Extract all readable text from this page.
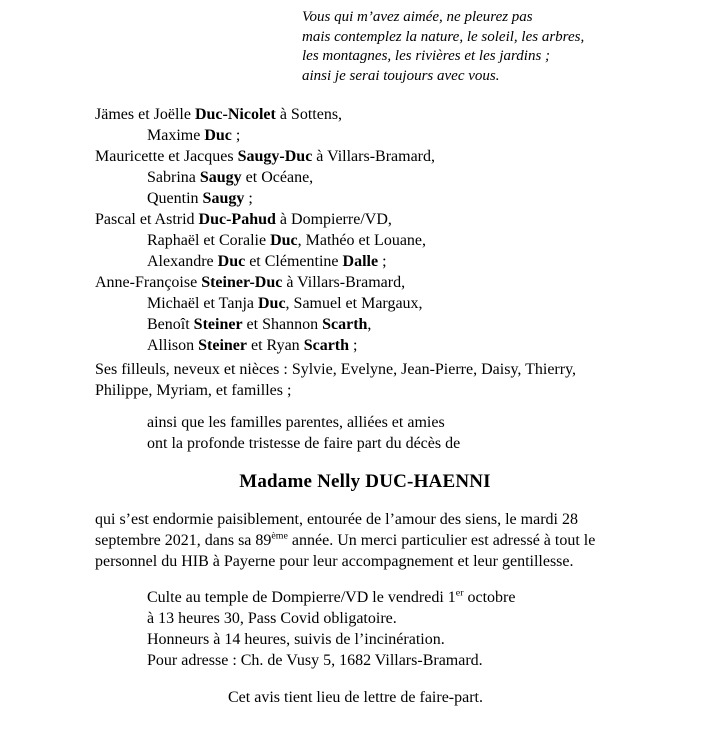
Vous qui m’avez aimée, ne pleurez pas
mais contemplez la nature, le soleil, les arbres,
les montagnes, les rivières et les jardins ;
ainsi je serai toujours avec vous.
Jämes et Joëlle Duc-Nicolet à Sottens,
Maxime Duc ;
Mauricette et Jacques Saugy-Duc à Villars-Bramard,
Sabrina Saugy et Océane,
Quentin Saugy ;
Pascal et Astrid Duc-Pahud à Dompierre/VD,
Raphaël et Coralie Duc, Mathéo et Louane,
Alexandre Duc et Clémentine Dalle ;
Anne-Françoise Steiner-Duc à Villars-Bramard,
Michaël et Tanja Duc, Samuel et Margaux,
Benoît Steiner et Shannon Scarth,
Allison Steiner et Ryan Scarth ;

Ses filleuls, neveux et nièces : Sylvie, Evelyne, Jean-Pierre, Daisy, Thierry, Philippe, Myriam, et familles ;

ainsi que les familles parentes, alliées et amies
ont la profonde tristesse de faire part du décès de
Madame Nelly DUC-HAENNI

qui s’est endormie paisiblement, entourée de l’amour des siens, le mardi 28 septembre 2021, dans sa 89ème année. Un merci particulier est adressé à tout le personnel du HIB à Payerne pour leur accompagnement et leur gentillesse.

Culte au temple de Dompierre/VD le vendredi 1er octobre
à 13 heures 30, Pass Covid obligatoire.
Honneurs à 14 heures, suivis de l’incinération.
Pour adresse : Ch. de Vusy 5, 1682 Villars-Bramard.

Cet avis tient lieu de lettre de faire-part.
